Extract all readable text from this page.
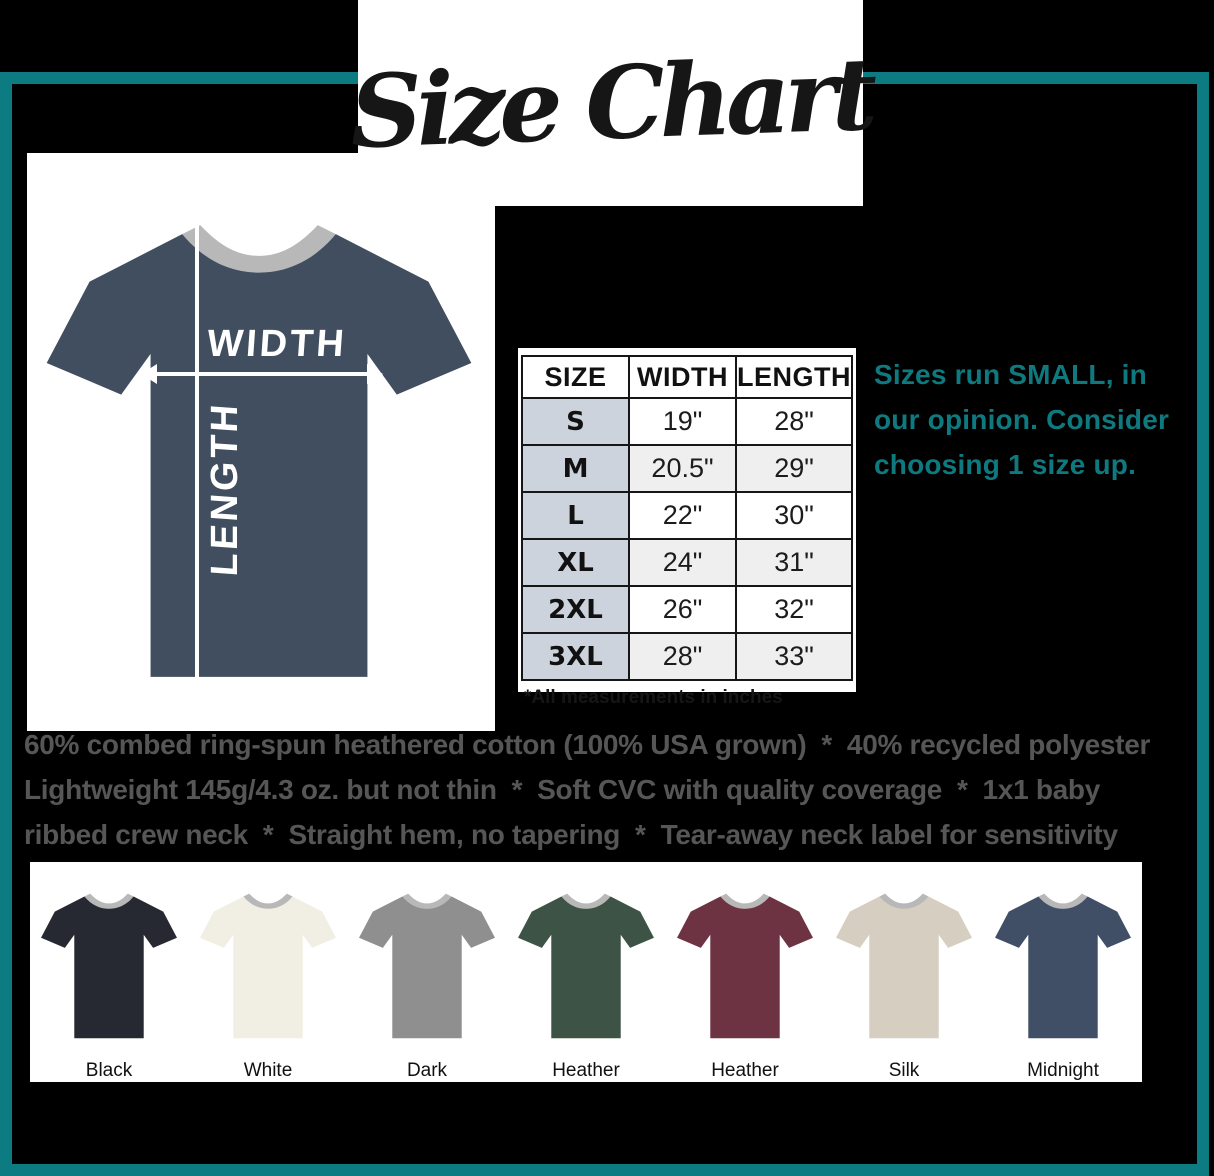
Size Chart
WIDTH
LENGTH
SIZE	WIDTH	LENGTH
S	19"	28"
M	20.5"	29"
L	22"	30"
XL	24"	31"
2XL	26"	32"
3XL	28"	33"
*All measurements in inches
Sizes run SMALL, in
our opinion. Consider
choosing 1 size up.
60% combed ring-spun heathered cotton (100% USA grown)  *  40% recycled polyester
Lightweight 145g/4.3 oz. but not thin  *  Soft CVC with quality coverage  *  1x1 baby
ribbed crew neck  *  Straight hem, no tapering  *  Tear-away neck label for sensitivity
Black	White	Dark	Heather	Heather	Silk	Midnight
